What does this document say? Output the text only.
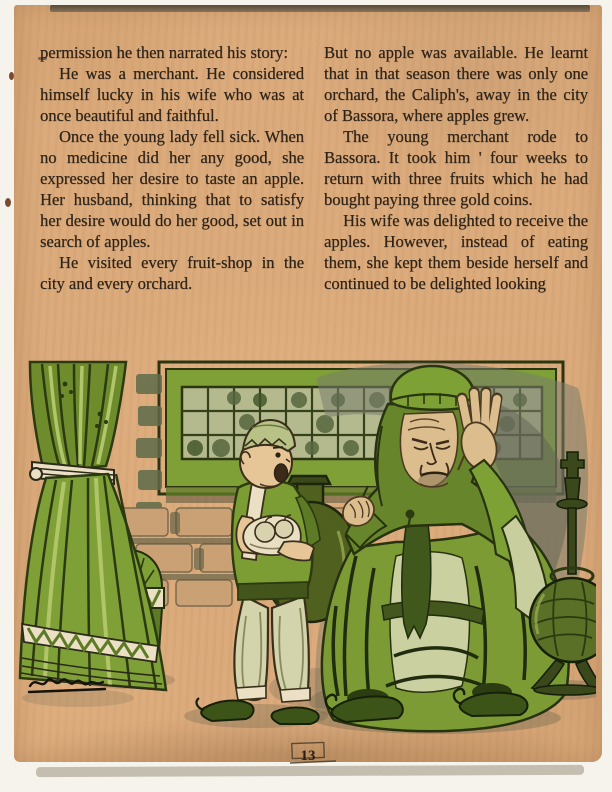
permission he then narrated his story:

He was a merchant. He considered himself lucky in his wife who was at once beautiful and faithful.

Once the young lady fell sick. When no medicine did her any good, she expressed her desire to taste an apple. Her husband, thinking that to satisfy her desire would do her good, set out in search of apples.

He visited every fruit-shop in the city and every orchard.

But no apple was available. He learnt that in that season there was only one orchard, the Caliph's, away in the city of Bassora, where apples grew.

The young merchant rode to Bassora. It took him ' four weeks to return with three fruits which he had bought paying three gold coins.

His wife was delighted to receive the apples. However, instead of eating them, she kept them beside herself and continued to be delighted looking

13
